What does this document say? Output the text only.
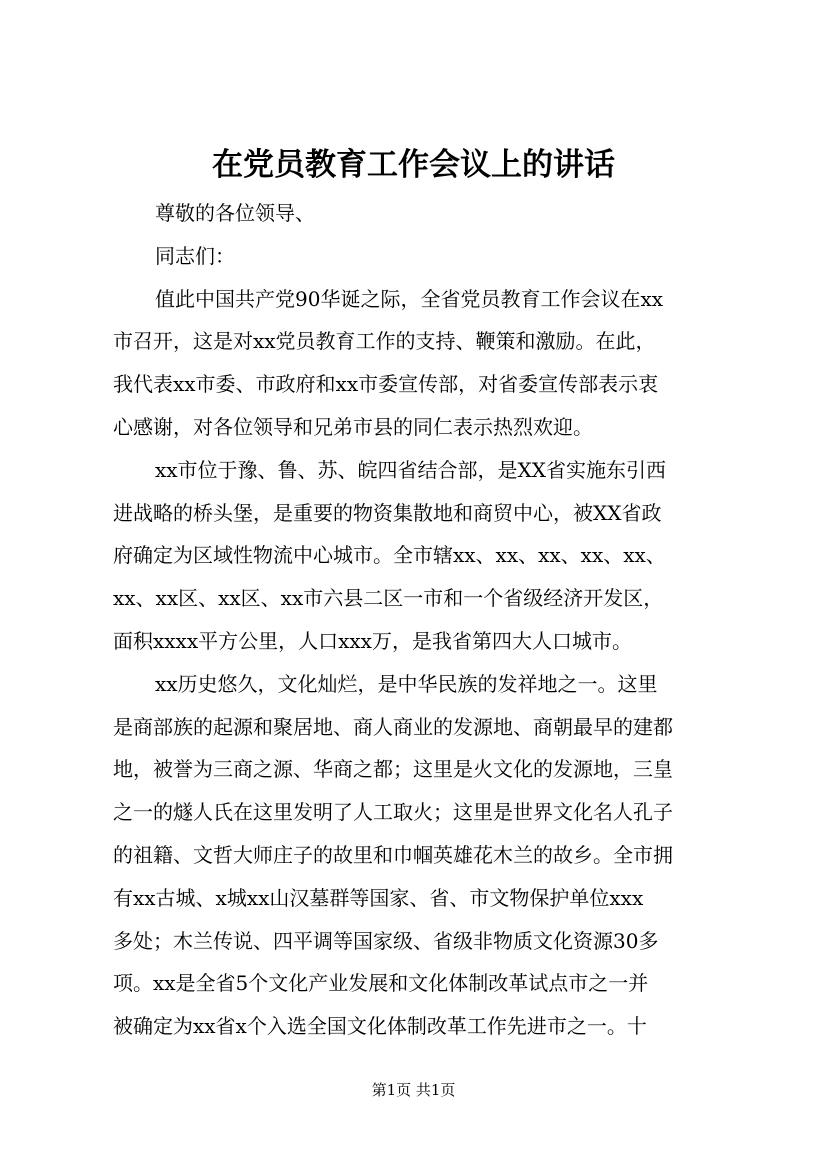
在党员教育工作会议上的讲话

尊敬的各位领导、

同志们：

值此中国共产党90华诞之际，全省党员教育工作会议在xx
市召开，这是对xx党员教育工作的支持、鞭策和激励。在此，
我代表xx市委、市政府和xx市委宣传部，对省委宣传部表示衷
心感谢，对各位领导和兄弟市县的同仁表示热烈欢迎。

xx市位于豫、鲁、苏、皖四省结合部，是XX省实施东引西
进战略的桥头堡，是重要的物资集散地和商贸中心，被XX省政
府确定为区域性物流中心城市。全市辖xx、xx、xx、xx、xx、
xx、xx区、xx区、xx市六县二区一市和一个省级经济开发区，
面积xxxx平方公里，人口xxx万，是我省第四大人口城市。

xx历史悠久，文化灿烂，是中华民族的发祥地之一。这里
是商部族的起源和聚居地、商人商业的发源地、商朝最早的建都
地，被誉为三商之源、华商之都；这里是火文化的发源地，三皇
之一的燧人氏在这里发明了人工取火；这里是世界文化名人孔子
的祖籍、文哲大师庄子的故里和巾帼英雄花木兰的故乡。全市拥
有xx古城、x城xx山汉墓群等国家、省、市文物保护单位xxx
多处；木兰传说、四平调等国家级、省级非物质文化资源30多
项。xx是全省5个文化产业发展和文化体制改革试点市之一并
被确定为xx省x个入选全国文化体制改革工作先进市之一。十

第1页 共1页
